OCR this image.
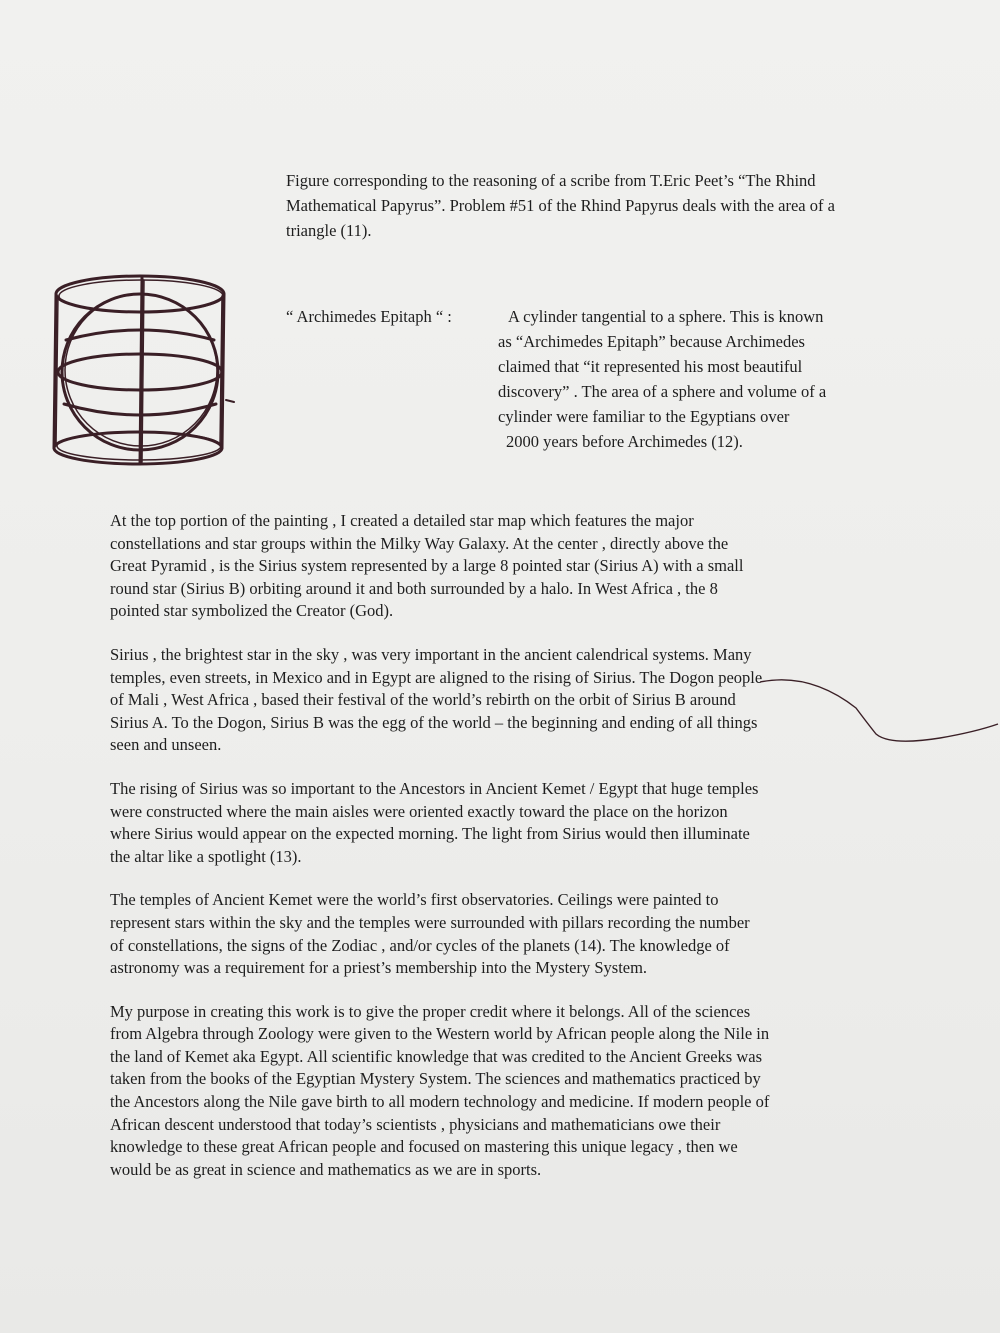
Figure corresponding to the reasoning of a scribe from T.Eric Peet’s “The Rhind Mathematical Papyrus”. Problem #51 of the Rhind Papyrus deals with the area of a triangle (11).

“ Archimedes Epitaph “ :	A cylinder tangential to a sphere. This is known
as “Archimedes Epitaph” because Archimedes
claimed that “it represented his most beautiful
discovery” . The area of a sphere and volume of a
cylinder were familiar to the Egyptians over
2000 years before Archimedes (12).

At the top portion of the painting , I created a detailed star map which features the major
constellations and star groups within the Milky Way Galaxy. At the center , directly above the
Great Pyramid , is the Sirius system represented by a large 8 pointed star (Sirius A) with a small
round star (Sirius B) orbiting around it and both surrounded by a halo. In West Africa , the 8
pointed star symbolized the Creator (God).

Sirius , the brightest star in the sky , was very important in the ancient calendrical systems. Many
temples, even streets, in Mexico and in Egypt are aligned to the rising of Sirius. The Dogon people
of Mali , West Africa , based their festival of the world’s rebirth on the orbit of Sirius B around
Sirius A. To the Dogon, Sirius B was the egg of the world – the beginning and ending of all things
seen and unseen.

The rising of Sirius was so important to the Ancestors in Ancient Kemet / Egypt that huge temples
were constructed where the main aisles were oriented exactly toward the place on the horizon
where Sirius would appear on the expected morning. The light from Sirius would then illuminate
the altar like a spotlight (13).

The temples of Ancient Kemet were the world’s first observatories. Ceilings were painted to
represent stars within the sky and the temples were surrounded with pillars recording the number
of constellations, the signs of the Zodiac , and/or cycles of the planets (14). The knowledge of
astronomy was a requirement for a priest’s membership into the Mystery System.

My purpose in creating this work is to give the proper credit where it belongs. All of the sciences
from Algebra through Zoology were given to the Western world by African people along the Nile in
the land of Kemet aka Egypt. All scientific knowledge that was credited to the Ancient Greeks was
taken from the books of the Egyptian Mystery System. The sciences and mathematics practiced by
the Ancestors along the Nile gave birth to all modern technology and medicine. If modern people of
African descent understood that today’s scientists , physicians and mathematicians owe their
knowledge to these great African people and focused on mastering this unique legacy , then we
would be as great in science and mathematics as we are in sports.
